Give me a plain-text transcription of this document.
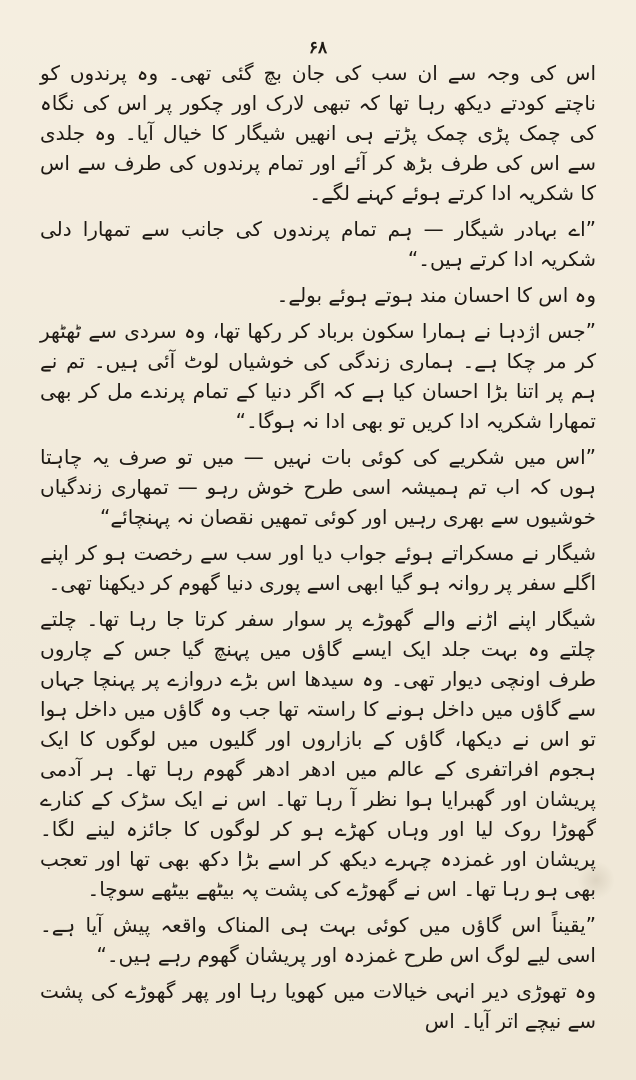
۶۸

اس کی وجہ سے ان سب کی جان بچ گئی تھی۔ وہ پرندوں کو ناچتے کودتے دیکھ رہا تھا کہ تبھی لارک اور چکور پر اس کی نگاہ کی چمک پڑی چمک پڑتے ہی انھیں شیگار کا خیال آیا۔ وہ جلدی سے اس کی طرف بڑھ کر آئے اور تمام پرندوں کی طرف سے اس کا شکریہ ادا کرتے ہوئے کہنے لگے۔

”اے بہادر شیگار — ہم تمام پرندوں کی جانب سے تمھارا دلی شکریہ ادا کرتے ہیں۔“

وہ اس کا احسان مند ہوتے ہوئے بولے۔

”جس اژدہا نے ہمارا سکون برباد کر رکھا تھا، وہ سردی سے ٹھٹھر کر مر چکا ہے۔ ہماری زندگی کی خوشیاں لوٹ آئی ہیں۔ تم نے ہم پر اتنا بڑا احسان کیا ہے کہ اگر دنیا کے تمام پرندے مل کر بھی تمھارا شکریہ ادا کریں تو بھی ادا نہ ہوگا۔“

”اس میں شکریے کی کوئی بات نہیں — میں تو صرف یہ چاہتا ہوں کہ اب تم ہمیشہ اسی طرح خوش رہو — تمھاری زندگیاں خوشیوں سے بھری رہیں اور کوئی تمھیں نقصان نہ پہنچائے“

شیگار نے مسکراتے ہوئے جواب دیا اور سب سے رخصت ہو کر اپنے اگلے سفر پر روانہ ہو گیا ابھی اسے پوری دنیا گھوم کر دیکھنا تھی۔

شیگار اپنے اڑنے والے گھوڑے پر سوار سفر کرتا جا رہا تھا۔ چلتے چلتے وہ بہت جلد ایک ایسے گاؤں میں پہنچ گیا جس کے چاروں طرف اونچی دیوار تھی۔ وہ سیدھا اس بڑے دروازے پر پہنچا جہاں سے گاؤں میں داخل ہونے کا راستہ تھا جب وہ گاؤں میں داخل ہوا تو اس نے دیکھا، گاؤں کے بازاروں اور گلیوں میں لوگوں کا ایک ہجوم افراتفری کے عالم میں ادھر ادھر گھوم رہا تھا۔ ہر آدمی پریشان اور گھبرایا ہوا نظر آ رہا تھا۔ اس نے ایک سڑک کے کنارے گھوڑا روک لیا اور وہاں کھڑے ہو کر لوگوں کا جائزہ لینے لگا۔ پریشان اور غمزدہ چہرے دیکھ کر اسے بڑا دکھ بھی تھا اور تعجب بھی ہو رہا تھا۔ اس نے گھوڑے کی پشت پہ بیٹھے بیٹھے سوچا۔

”یقیناً اس گاؤں میں کوئی بہت ہی المناک واقعہ پیش آیا ہے۔ اسی لیے لوگ اس طرح غمزدہ اور پریشان گھوم رہے ہیں۔“

وہ تھوڑی دیر انہی خیالات میں کھویا رہا اور پھر گھوڑے کی پشت سے نیچے اتر آیا۔ اس
